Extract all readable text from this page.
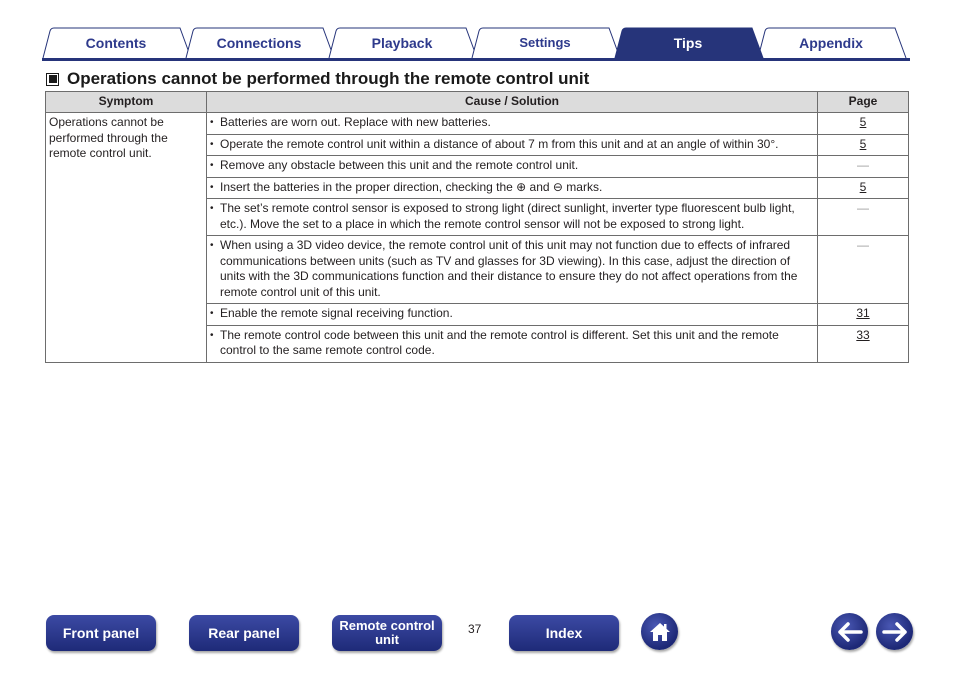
Contents	Connections	Playback	Settings	Tips	Appendix
Operations cannot be performed through the remote control unit
Symptom	Cause / Solution	Page
Operations cannot be performed through the remote control unit.	• Batteries are worn out. Replace with new batteries.	5

	• Operate the remote control unit within a distance of about 7 m from this unit and at an angle of within 30°.	5

	• Remove any obstacle between this unit and the remote control unit.	—

	• Insert the batteries in the proper direction, checking the ⊕ and ⊖ marks.	5

	• The set’s remote control sensor is exposed to strong light (direct sunlight, inverter type fluorescent bulb light, etc.). Move the set to a place in which the remote control sensor will not be exposed to strong light.	—

	• When using a 3D video device, the remote control unit of this unit may not function due to effects of infrared communications between units (such as TV and glasses for 3D viewing). In this case, adjust the direction of units with the 3D communications function and their distance to ensure they do not affect operations from the remote control unit of this unit.	—

	• Enable the remote signal receiving function.	31

	• The remote control code between this unit and the remote control is different. Set this unit and the remote control to the same remote control code.	33
Front panel	Rear panel	Remote control
unit
37	Index
